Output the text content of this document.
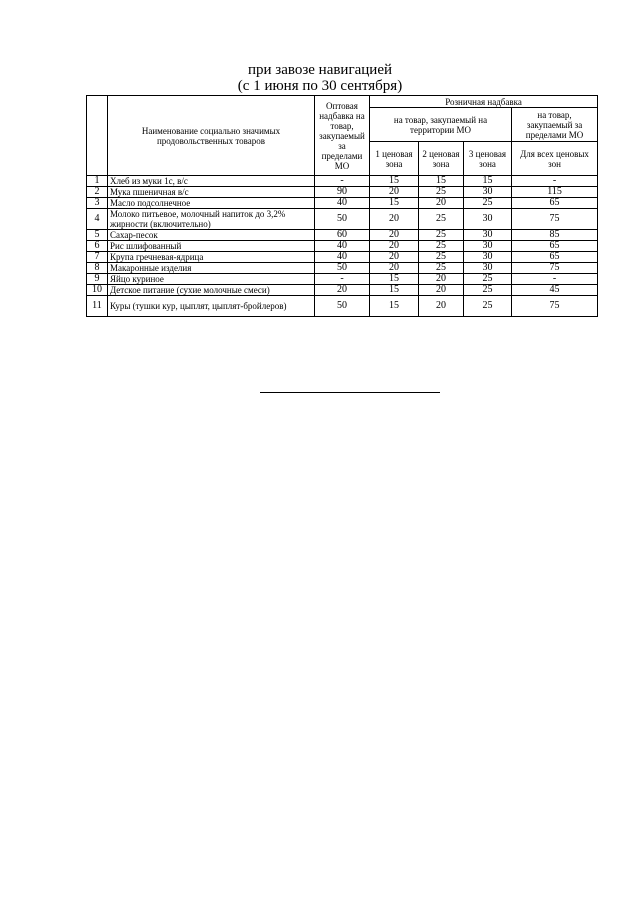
при завозе навигацией
(с 1 июня по 30 сентября)
	Наименование социально значимых продовольственных товаров	Оптовая надбавка на товар, закупаемый за пределами МО	Розничная надбавка			
			на товар, закупаемый на территории МО			на товар, закупаемый за пределами МО
			1 ценовая зона	2 ценовая зона	3 ценовая зона	Для всех ценовых зон
1	Хлеб из муки 1с, в/с	-	15	15	15	-
2	Мука пшеничная в/с	90	20	25	30	115
3	Масло подсолнечное	40	15	20	25	65
4	Молоко питьевое, молочный напиток до 3,2% жирности (включительно)	50	20	25	30	75
5	Сахар-песок	60	20	25	30	85
6	Рис шлифованный	40	20	25	30	65
7	Крупа гречневая-ядрица	40	20	25	30	65
8	Макаронные изделия	50	20	25	30	75
9	Яйцо куриное	-	15	20	25	-
10	Детское питание (сухие молочные смеси)	20	15	20	25	45
11	Куры (тушки кур, цыплят, цыплят-бройлеров)	50	15	20	25	75
